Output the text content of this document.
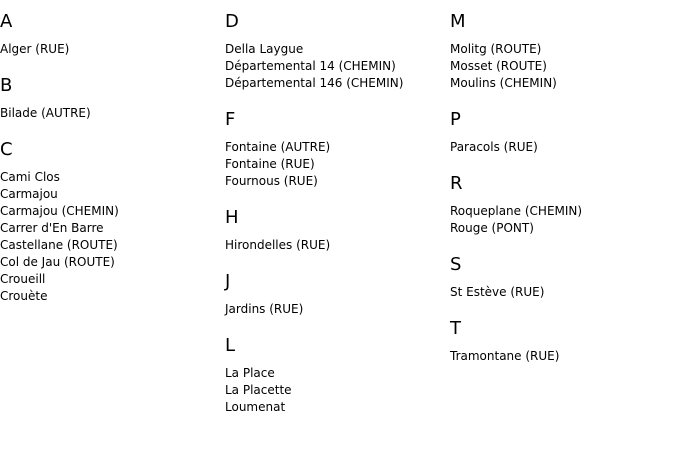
A
Alger (RUE)
B
Bilade (AUTRE)
C
Cami Clos
Carmajou
Carmajou (CHEMIN)
Carrer d'En Barre
Castellane (ROUTE)
Col de Jau (ROUTE)
Croueill
Crouète
D
Della Laygue
Départemental 14 (CHEMIN)
Départemental 146 (CHEMIN)
F
Fontaine (AUTRE)
Fontaine (RUE)
Fournous (RUE)
H
Hirondelles (RUE)
J
Jardins (RUE)
L
La Place
La Placette
Loumenat
M
Molitg (ROUTE)
Mosset (ROUTE)
Moulins (CHEMIN)
P
Paracols (RUE)
R
Roqueplane (CHEMIN)
Rouge (PONT)
S
St Estève (RUE)
T
Tramontane (RUE)
